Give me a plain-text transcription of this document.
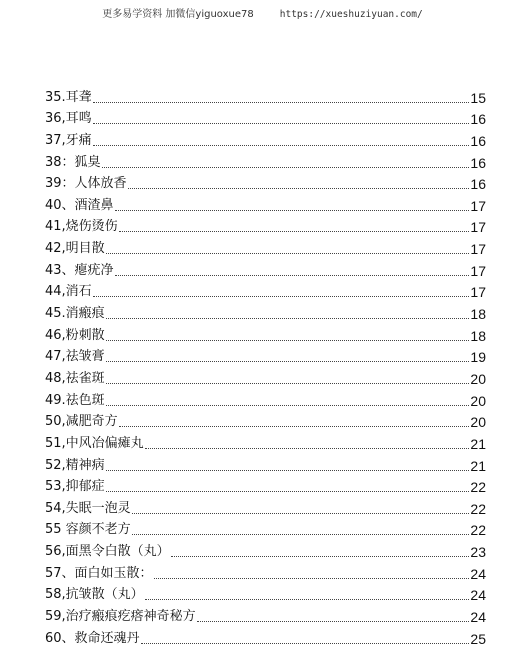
更多易学资料 加微信yiguoxue78	https://xueshuziyuan.com/
35.耳聋	15
36,耳鸣	16
37,牙痛	16
38：狐臭	16
39：人体放香	16
40、酒渣鼻	17
41,烧伤烫伤	17
42,明目散	17
43、瘪疣净	17
44,消石	17
45.消瘢痕	18
46,粉刺散	18
47,祛皱膏	19
48,祛雀斑	20
49.祛色斑	20
50,减肥奇方	20
51,中风冶偏瘫丸	21
52,精神病	21
53,抑郁症	22
54,失眠一泡灵	22
55 容颜不老方	22
56,面黑令白散（丸）	23
57、面白如玉散：	24
58,抗皱散（丸）	24
59,治疗瘢痕疙瘩神奇秘方	24
60、救命还魂丹	25
